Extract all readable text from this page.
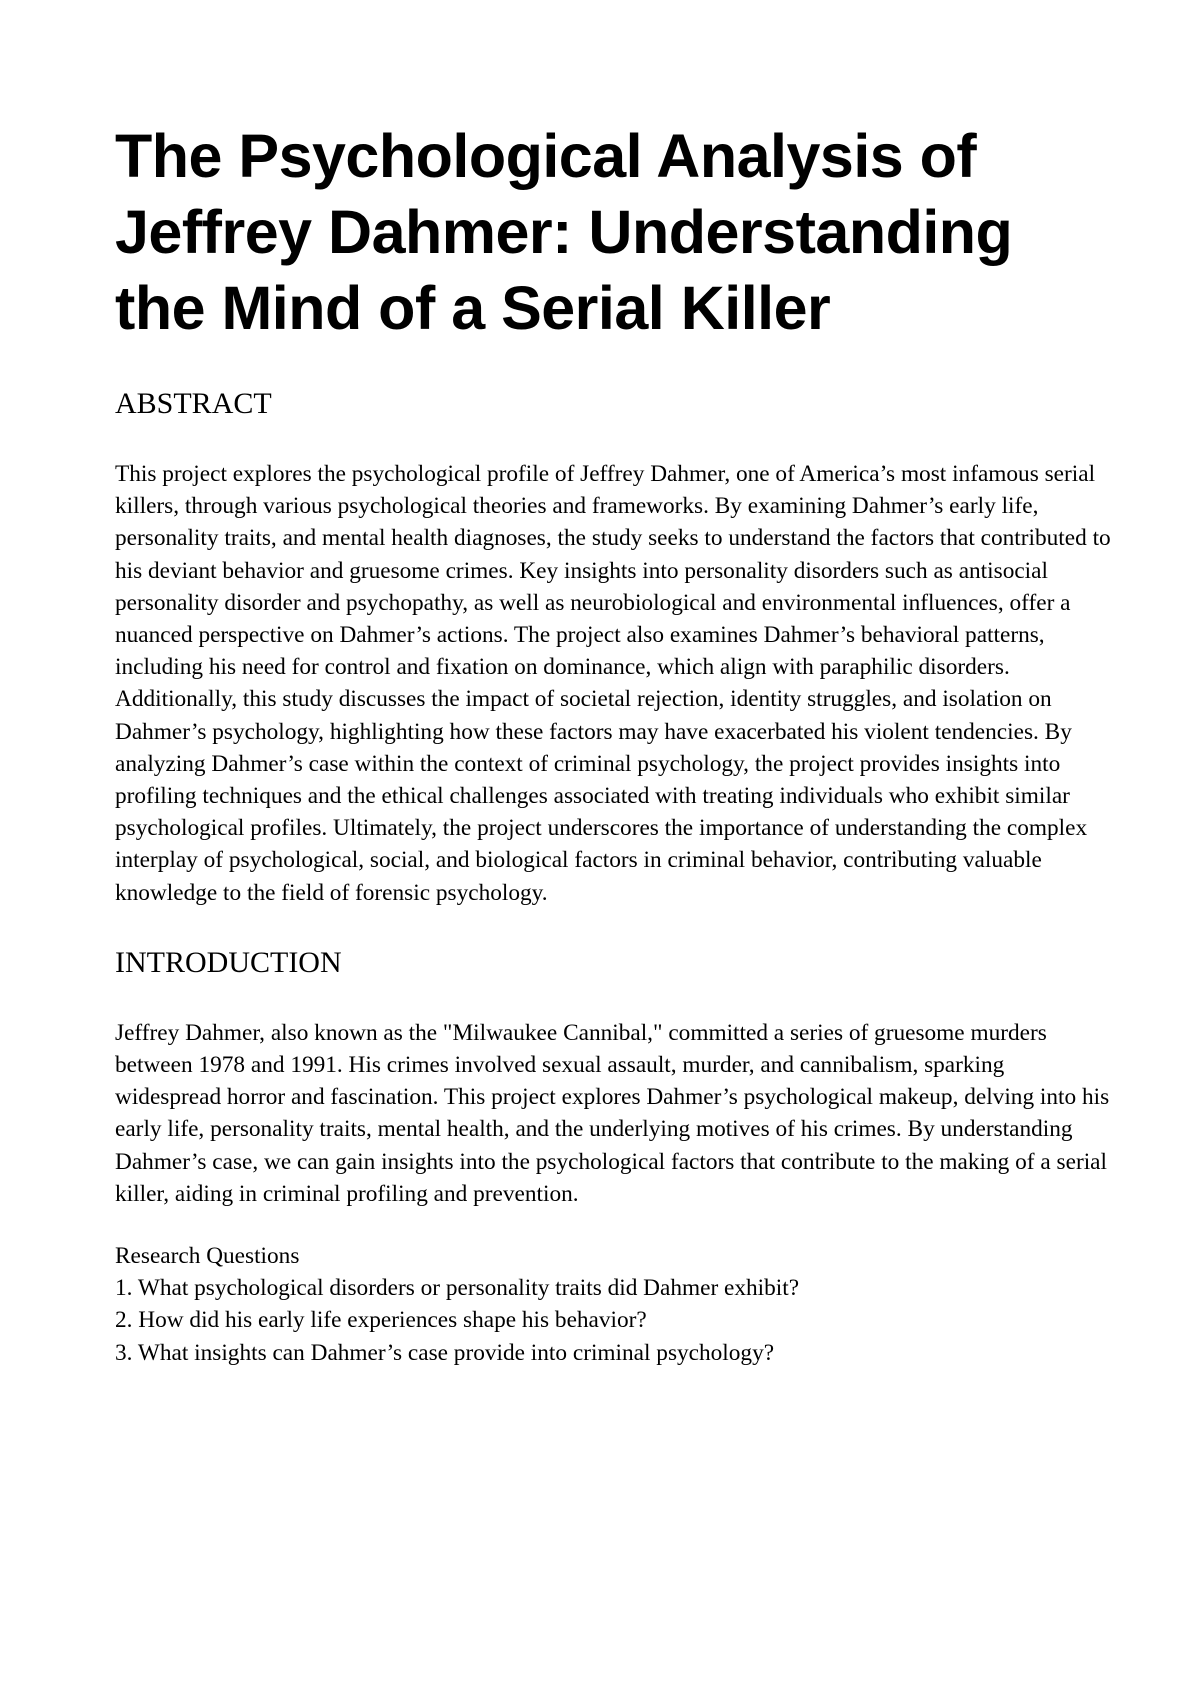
The Psychological Analysis of
Jeffrey Dahmer: Understanding
the Mind of a Serial Killer
ABSTRACT

This project explores the psychological profile of Jeffrey Dahmer, one of America’s most infamous serial killers, through various psychological theories and frameworks. By examining Dahmer’s early life, personality traits, and mental health diagnoses, the study seeks to understand the factors that contributed to his deviant behavior and gruesome crimes. Key insights into personality disorders such as antisocial personality disorder and psychopathy, as well as neurobiological and environmental influences, offer a nuanced perspective on Dahmer’s actions. The project also examines Dahmer’s behavioral patterns, including his need for control and fixation on dominance, which align with paraphilic disorders. Additionally, this study discusses the impact of societal rejection, identity struggles, and isolation on Dahmer’s psychology, highlighting how these factors may have exacerbated his violent tendencies. By analyzing Dahmer’s case within the context of criminal psychology, the project provides insights into profiling techniques and the ethical challenges associated with treating individuals who exhibit similar psychological profiles. Ultimately, the project underscores the importance of understanding the complex interplay of psychological, social, and biological factors in criminal behavior, contributing valuable knowledge to the field of forensic psychology.

INTRODUCTION

Jeffrey Dahmer, also known as the "Milwaukee Cannibal," committed a series of gruesome murders between 1978 and 1991. His crimes involved sexual assault, murder, and cannibalism, sparking widespread horror and fascination. This project explores Dahmer’s psychological makeup, delving into his early life, personality traits, mental health, and the underlying motives of his crimes. By understanding Dahmer’s case, we can gain insights into the psychological factors that contribute to the making of a serial killer, aiding in criminal profiling and prevention.

Research Questions
1. What psychological disorders or personality traits did Dahmer exhibit?
2. How did his early life experiences shape his behavior?
3. What insights can Dahmer’s case provide into criminal psychology?
